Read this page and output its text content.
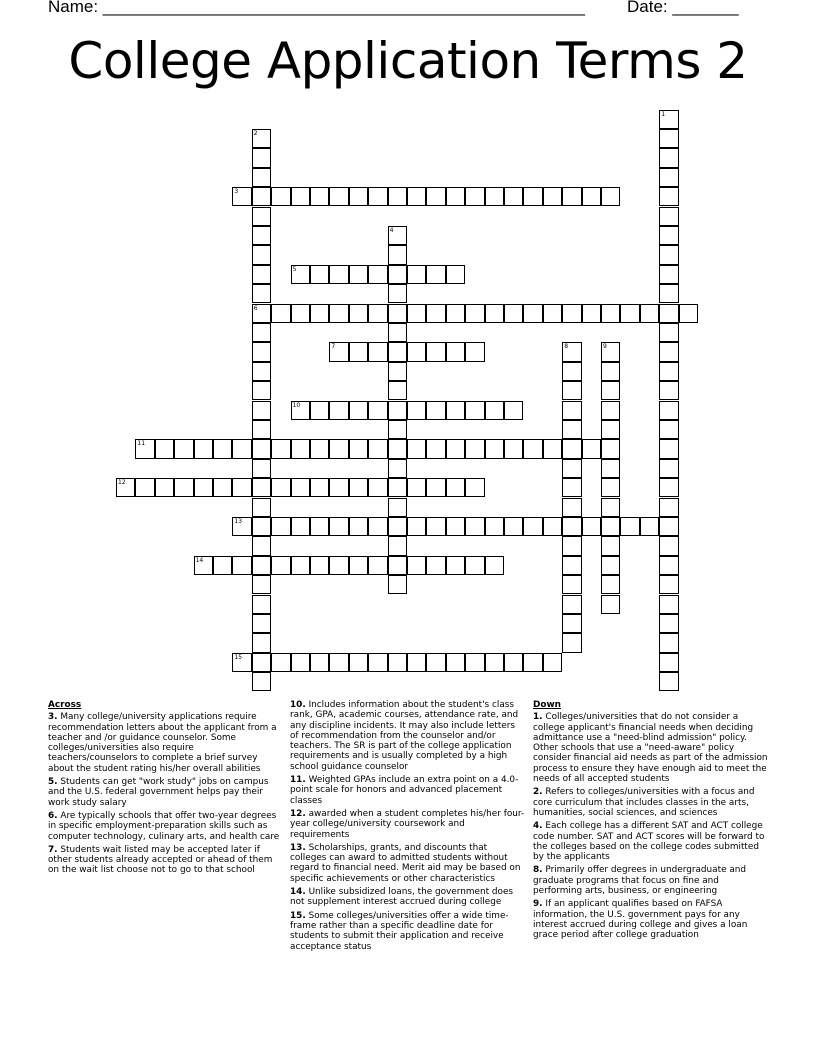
Name: ___________________________________________________ Date: _______
College Application Terms 2
1
2
3
4
5
6
7	8	9
10
11
12
13
14
15
Across
3. Many college/university applications require recommendation letters about the applicant from a teacher and /or guidance counselor. Some colleges/universities also require teachers/counselors to complete a brief survey about the student rating his/her overall abilities
5. Students can get "work study" jobs on campus and the U.S. federal government helps pay their work study salary
6. Are typically schools that offer two-year degrees in specific employment-preparation skills such as computer technology, culinary arts, and health care
7. Students wait listed may be accepted later if other students already accepted or ahead of them on the wait list choose not to go to that school
10. Includes information about the student's class rank, GPA, academic courses, attendance rate, and any discipline incidents. It may also include letters of recommendation from the counselor and/or teachers. The SR is part of the college application requirements and is usually completed by a high school guidance counselor
11. Weighted GPAs include an extra point on a 4.0- point scale for honors and advanced placement classes
12. awarded when a student completes his/her four-year college/university coursework and requirements
13. Scholarships, grants, and discounts that colleges can award to admitted students without regard to financial need. Merit aid may be based on specific achievements or other characteristics
14. Unlike subsidized loans, the government does not supplement interest accrued during college
15. Some colleges/universities offer a wide time-frame rather than a specific deadline date for students to submit their application and receive acceptance status
Down
1. Colleges/universities that do not consider a college applicant's financial needs when deciding admittance use a "need-blind admission" policy. Other schools that use a "need-aware" policy consider financial aid needs as part of the admission process to ensure they have enough aid to meet the needs of all accepted students
2. Refers to colleges/universities with a focus and core curriculum that includes classes in the arts, humanities, social sciences, and sciences
4. Each college has a different SAT and ACT college code number. SAT and ACT scores will be forward to the colleges based on the college codes submitted by the applicants
8. Primarily offer degrees in undergraduate and graduate programs that focus on fine and performing arts, business, or engineering
9. If an applicant qualifies based on FAFSA information, the U.S. government pays for any interest accrued during college and gives a loan grace period after college graduation
